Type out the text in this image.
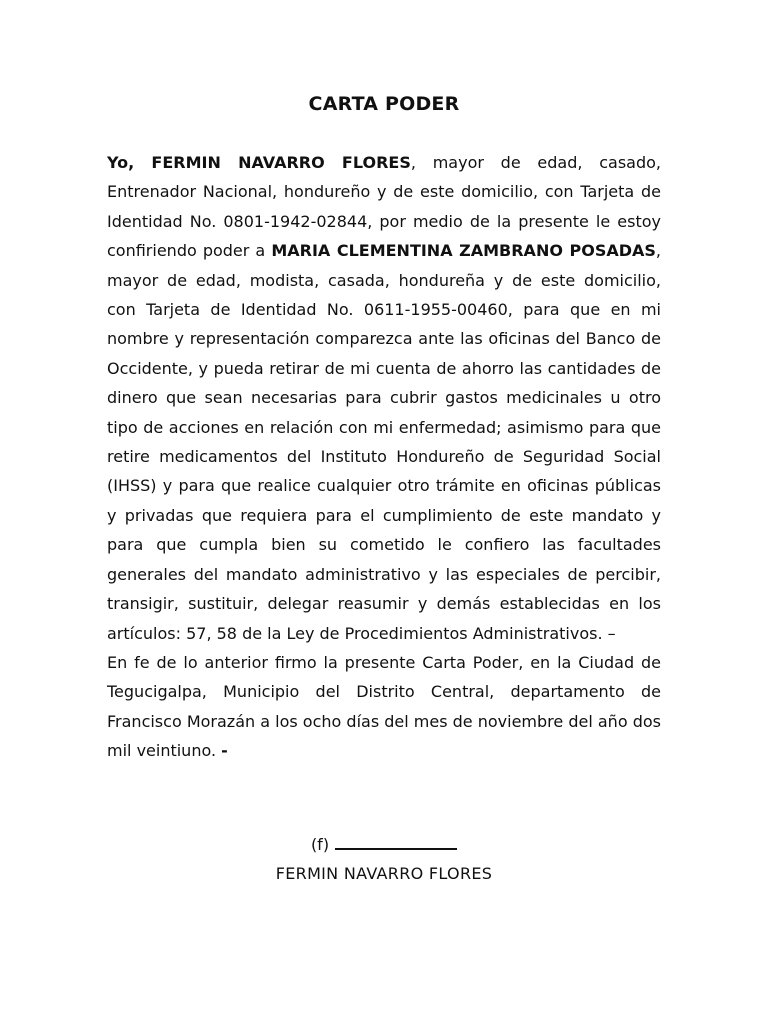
CARTA PODER

Yo, FERMIN NAVARRO FLORES, mayor de edad, casado, Entrenador Nacional, hondureño y de este domicilio, con Tarjeta de Identidad No. 0801-1942-02844, por medio de la presente le estoy confiriendo poder a MARIA CLEMENTINA ZAMBRANO POSADAS, mayor de edad, modista, casada, hondureña y de este domicilio, con Tarjeta de Identidad No. 0611-1955-00460, para que en mi nombre y representación comparezca ante las oficinas del Banco de Occidente, y pueda retirar de mi cuenta de ahorro las cantidades de dinero que sean necesarias para cubrir gastos medicinales u otro tipo de acciones en relación con mi enfermedad; asimismo para que retire medicamentos del Instituto Hondureño de Seguridad Social (IHSS) y para que realice cualquier otro trámite en oficinas públicas y privadas que requiera para el cumplimiento de este mandato y para que cumpla bien su cometido le confiero las facultades generales del mandato administrativo y las especiales de percibir, transigir, sustituir, delegar reasumir y demás establecidas en los artículos: 57, 58 de la Ley de Procedimientos Administrativos. –

En fe de lo anterior firmo la presente Carta Poder, en la Ciudad de Tegucigalpa, Municipio del Distrito Central, departamento de Francisco Morazán a los ocho días del mes de noviembre del año dos mil veintiuno. -

(f)
FERMIN NAVARRO FLORES
